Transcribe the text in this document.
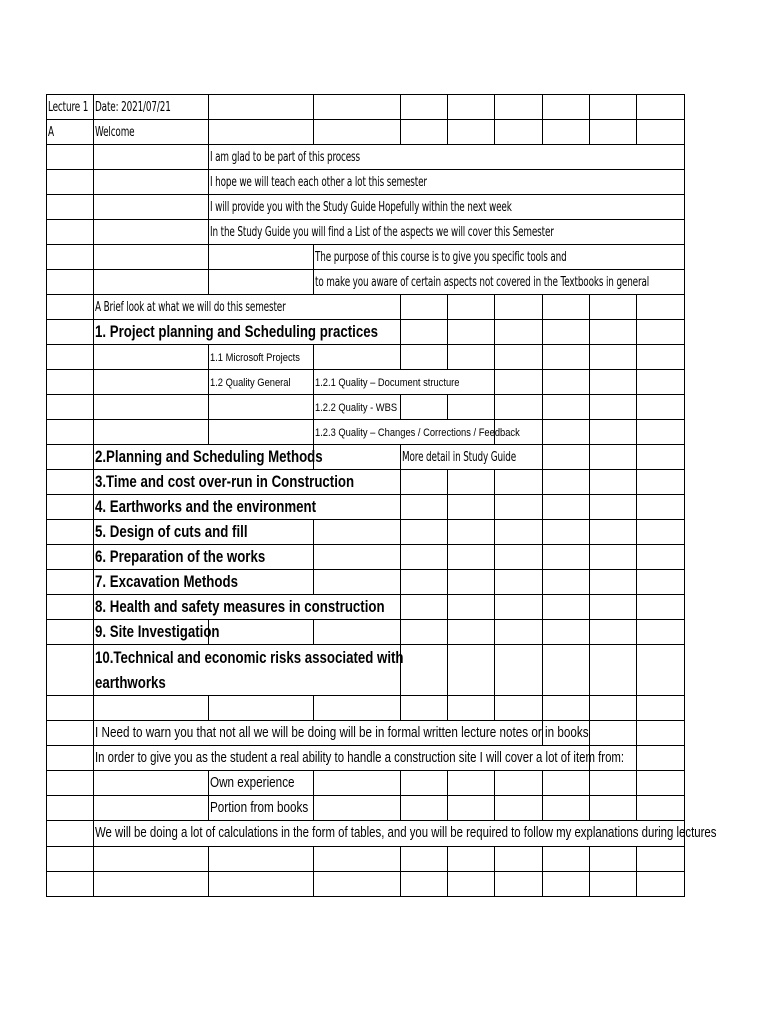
Lecture 1	Date: 2021/07/21								
A	Welcome								
		I am glad to be part of this process							
		I hope we will teach each other a lot this semester							
		I will provide you with the Study Guide Hopefully within the next week							
		In the Study Guide you will find a List of the aspects we will cover this Semester							
			The purpose of this course is to give you specific tools and						
			to make you aware of certain aspects not covered in the Textbooks in general						
	A Brief look at what we will do this semester								
	1. Project planning and Scheduling practices								
		1.1 Microsoft Projects							
		1.2 Quality General	1.2.1 Quality – Document structure						
			1.2.2 Quality - WBS						
			1.2.3 Quality – Changes / Corrections / Feedback						
	2.Planning and Scheduling Methods			More detail in Study Guide					
	3.Time and cost over-run in Construction								
	4. Earthworks and the environment								
	5. Design of cuts and fill								
	6. Preparation of the works								
	7. Excavation Methods								
	8. Health and safety measures in construction								
	9. Site Investigation								

	10.Technical and economic risks associated with
earthworks								

	I Need to warn you that not all we will be doing will be in formal written lecture notes or in books								
	In order to give you as the student a real ability to handle a construction site I will cover a lot of item from:								
		Own experience							
		Portion from books							
	We will be doing a lot of calculations in the form of tables, and you will be required to follow my explanations during lectures								
